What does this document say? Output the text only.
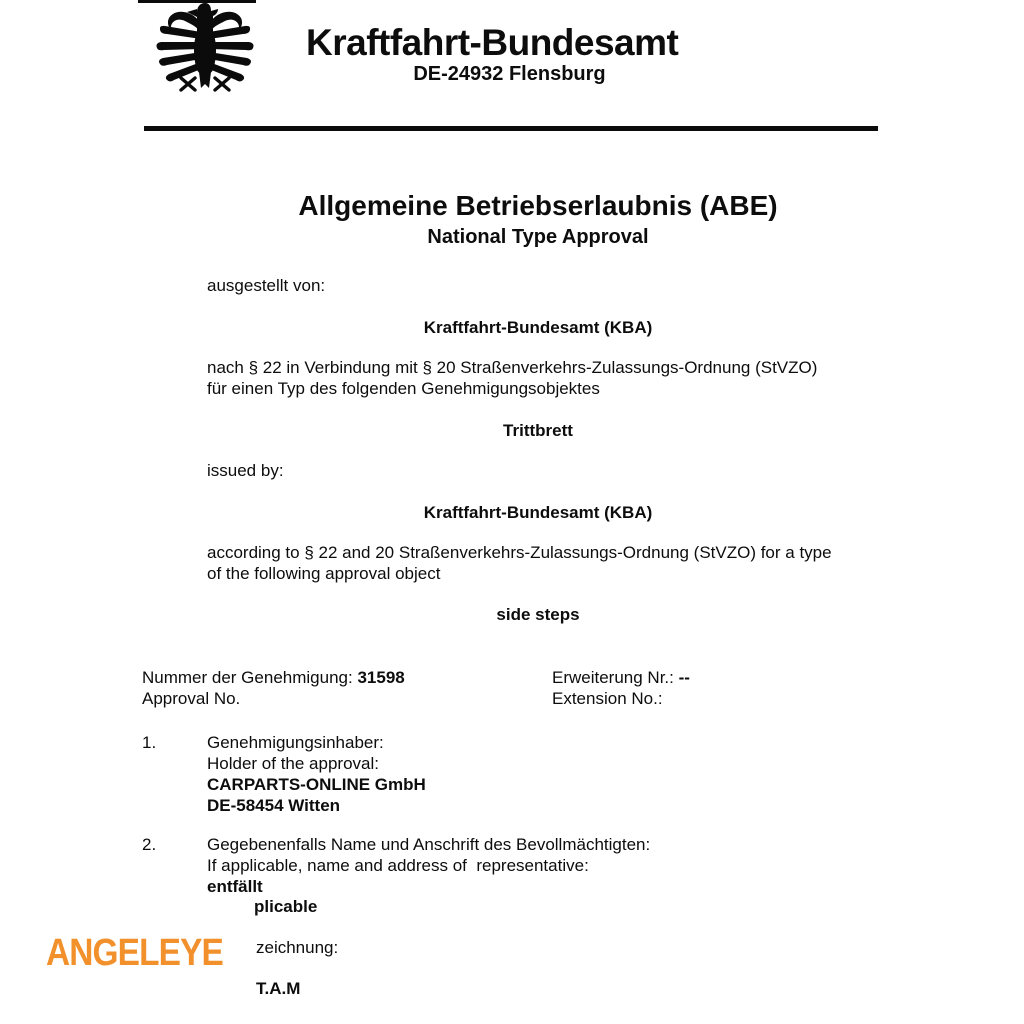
Kraftfahrt-Bundesamt
DE-24932 Flensburg
Allgemeine Betriebserlaubnis (ABE)
National Type Approval
ausgestellt von:
Kraftfahrt-Bundesamt (KBA)
nach § 22 in Verbindung mit § 20 Straßenverkehrs-Zulassungs-Ordnung (StVZO)
für einen Typ des folgenden Genehmigungsobjektes
Trittbrett
issued by:
Kraftfahrt-Bundesamt (KBA)
according to § 22 and 20 Straßenverkehrs-Zulassungs-Ordnung (StVZO) for a type
of the following approval object
side steps
Nummer der Genehmigung: 31598
Approval No.
Erweiterung Nr.: --
Extension No.:
1.	Genehmigungsinhaber:
Holder of the approval:
CARPARTS-ONLINE GmbH
DE-58454 Witten
2.	Gegebenenfalls Name und Anschrift des Bevollmächtigten:
If applicable, name and address of  representative:
entfällt
plicable
zeichnung:
T.A.M
ANGELEYE
